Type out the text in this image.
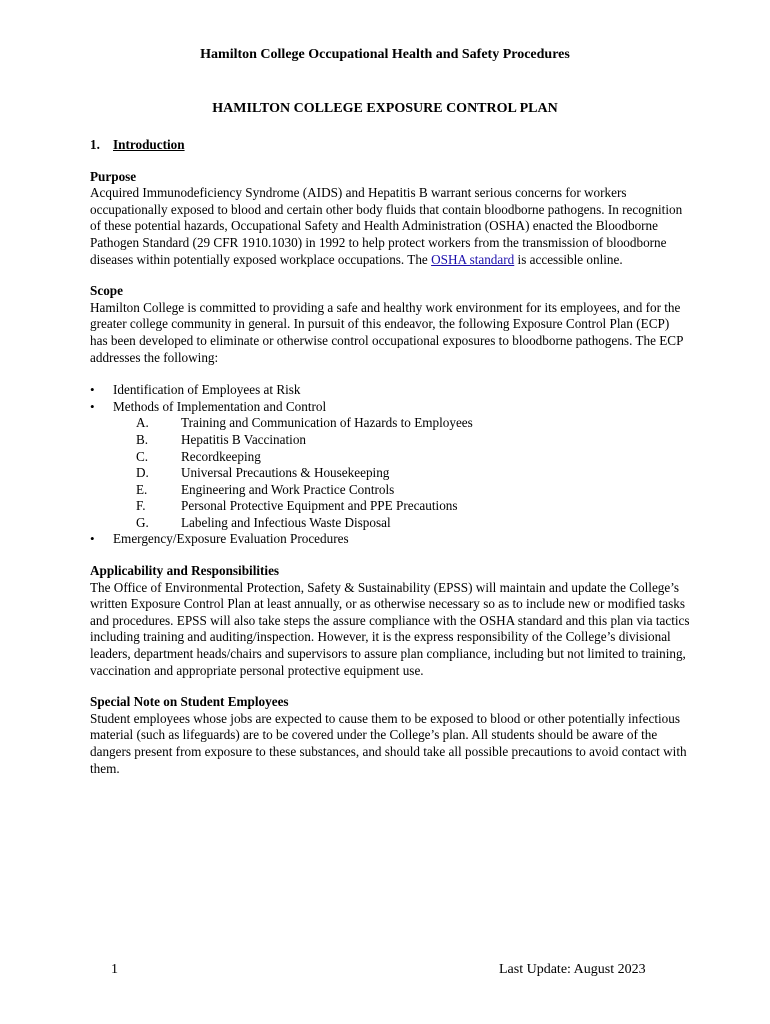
Hamilton College Occupational Health and Safety Procedures
HAMILTON COLLEGE EXPOSURE CONTROL PLAN
1. Introduction
Purpose

Acquired Immunodeficiency Syndrome (AIDS) and Hepatitis B warrant serious concerns for workers occupationally exposed to blood and certain other body fluids that contain bloodborne pathogens. In recognition of these potential hazards, Occupational Safety and Health Administration (OSHA) enacted the Bloodborne Pathogen Standard (29 CFR 1910.1030) in 1992 to help protect workers from the transmission of bloodborne diseases within potentially exposed workplace occupations. The OSHA standard is accessible online.

Scope

Hamilton College is committed to providing a safe and healthy work environment for its employees, and for the greater college community in general. In pursuit of this endeavor, the following Exposure Control Plan (ECP) has been developed to eliminate or otherwise control occupational exposures to bloodborne pathogens. The ECP addresses the following:

• Identification of Employees at Risk
• Methods of Implementation and Control
A.	Training and Communication of Hazards to Employees
B.	Hepatitis B Vaccination
C.	Recordkeeping
D.	Universal Precautions & Housekeeping
E.	Engineering and Work Practice Controls
F.	Personal Protective Equipment and PPE Precautions
G.	Labeling and Infectious Waste Disposal
• Emergency/Exposure Evaluation Procedures
Applicability and Responsibilities

The Office of Environmental Protection, Safety & Sustainability (EPSS) will maintain and update the College’s written Exposure Control Plan at least annually, or as otherwise necessary so as to include new or modified tasks and procedures. EPSS will also take steps the assure compliance with the OSHA standard and this plan via tactics including training and auditing/inspection. However, it is the express responsibility of the College’s divisional leaders, department heads/chairs and supervisors to assure plan compliance, including but not limited to training, vaccination and appropriate personal protective equipment use.

Special Note on Student Employees

Student employees whose jobs are expected to cause them to be exposed to blood or other potentially infectious material (such as lifeguards) are to be covered under the College’s plan. All students should be aware of the dangers present from exposure to these substances, and should take all possible precautions to avoid contact with them.

1	Last Update: August 2023
